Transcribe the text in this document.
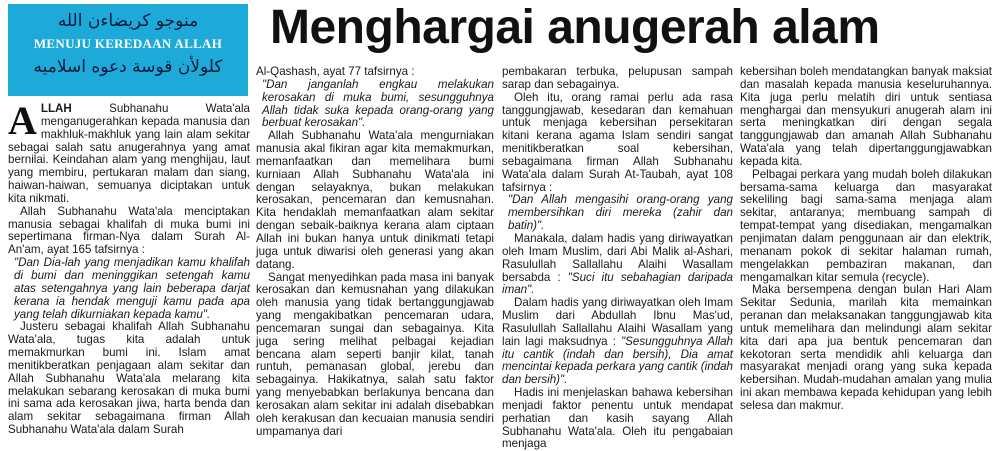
منوجو كريضاءن الله
MENUJU KEREDAAN ALLAH
كلولأن قوسة دعوه اسلاميه
Menghargai anugerah alam

ALLAH Subhanahu Wata'ala menganugerahkan kepada manusia dan makhluk-makhluk yang lain alam sekitar sebagai salah satu anugerahnya yang amat bernilai. Keindahan alam yang menghijau, laut yang membiru, pertukaran malam dan siang, haiwan-haiwan, semuanya diciptakan untuk kita nikmati.

Allah Subhanahu Wata'ala menciptakan manusia sebagai khalifah di muka bumi ini sepertimana firman-Nya dalam Surah Al-An'am, ayat 165 tafsirnya :

"Dan Dia-lah yang menjadikan kamu khalifah di bumi dan meninggikan setengah kamu atas setengahnya yang lain beberapa darjat kerana ia hendak menguji kamu pada apa yang telah dikurniakan kepada kamu".

Justeru sebagai khalifah Allah Subhanahu Wata'ala, tugas kita adalah untuk memakmurkan bumi ini. Islam amat menitikberatkan penjagaan alam sekitar dan Allah Subhanahu Wata'ala melarang kita melakukan sebarang kerosakan di muka bumi ini sama ada kerosakan jiwa, harta benda dan alam sekitar sebagaimana firman Allah Subhanahu Wata'ala dalam Surah

Al-Qashash, ayat 77 tafsirnya :

"Dan janganlah engkau melakukan kerosakan di muka bumi, sesungguhnya Allah tidak suka kepada orang-orang yang berbuat kerosakan".

Allah Subhanahu Wata'ala mengurniakan manusia akal fikiran agar kita memakmurkan, memanfaatkan dan memelihara bumi kurniaan Allah Subhanahu Wata'ala ini dengan selayaknya, bukan melakukan kerosakan, pencemaran dan kemusnahan. Kita hendaklah memanfaatkan alam sekitar dengan sebaik-baiknya kerana alam ciptaan Allah ini bukan hanya untuk dinikmati tetapi juga untuk diwarisi oleh generasi yang akan datang.

Sangat menyedihkan pada masa ini banyak kerosakan dan kemusnahan yang dilakukan oleh manusia yang tidak bertanggungjawab yang mengakibatkan pencemaran udara, pencemaran sungai dan sebagainya. Kita juga sering melihat pelbagai kejadian bencana alam seperti banjir kilat, tanah runtuh, pemanasan global, jerebu dan sebagainya. Hakikatnya, salah satu faktor yang menyebabkan berlakunya bencana dan kerosakan alam sekitar ini adalah disebabkan oleh kerakusan dan kecuaian manusia sendiri umpamanya dari

pembakaran terbuka, pelupusan sampah sarap dan sebagainya.

Oleh itu, orang ramai perlu ada rasa tanggungjawab, kesedaran dan kemahuan untuk menjaga kebersihan persekitaran kitani kerana agama Islam sendiri sangat menitikberatkan soal kebersihan, sebagaimana firman Allah Subhanahu Wata'ala dalam Surah At-Taubah, ayat 108 tafsirnya :

"Dan Allah mengasihi orang-orang yang membersihkan diri mereka (zahir dan batin)".

Manakala, dalam hadis yang diriwayatkan oleh Imam Muslim, dari Abi Malik al-Ashari, Rasulullah Sallallahu Alaihi Wasallam bersabda : "Suci itu sebahagian daripada iman".

Dalam hadis yang diriwayatkan oleh Imam Muslim dari Abdullah Ibnu Mas'ud, Rasulullah Sallallahu Alaihi Wasallam yang lain lagi maksudnya : "Sesungguhnya Allah itu cantik (indah dan bersih), Dia amat mencintai kepada perkara yang cantik (indah dan bersih)".

Hadis ini menjelaskan bahawa kebersihan menjadi faktor penentu untuk mendapat perhatian dan kasih sayang Allah Subhanahu Wata'ala. Oleh itu pengabaian menjaga

kebersihan boleh mendatangkan banyak maksiat dan masalah kepada manusia keseluruhannya. Kita juga perlu melatih diri untuk sentiasa menghargai dan mensyukuri anugerah alam ini serta meningkatkan diri dengan segala tanggungjawab dan amanah Allah Subhanahu Wata'ala yang telah dipertanggungjawabkan kepada kita.

Pelbagai perkara yang mudah boleh dilakukan bersama-sama keluarga dan masyarakat sekeliling bagi sama-sama menjaga alam sekitar, antaranya; membuang sampah di tempat-tempat yang disediakan, mengamalkan penjimatan dalam penggunaan air dan elektrik, menanam pokok di sekitar halaman rumah, mengelakkan pembaziran makanan, dan mengamalkan kitar semula (recycle).

Maka bersempena dengan bulan Hari Alam Sekitar Sedunia, marilah kita memainkan peranan dan melaksanakan tanggungjawab kita untuk memelihara dan melindungi alam sekitar kita dari apa jua bentuk pencemaran dan kekotoran serta mendidik ahli keluarga dan masyarakat menjadi orang yang suka kepada kebersihan. Mudah-mudahan amalan yang mulia ini akan membawa kepada kehidupan yang lebih selesa dan makmur.
